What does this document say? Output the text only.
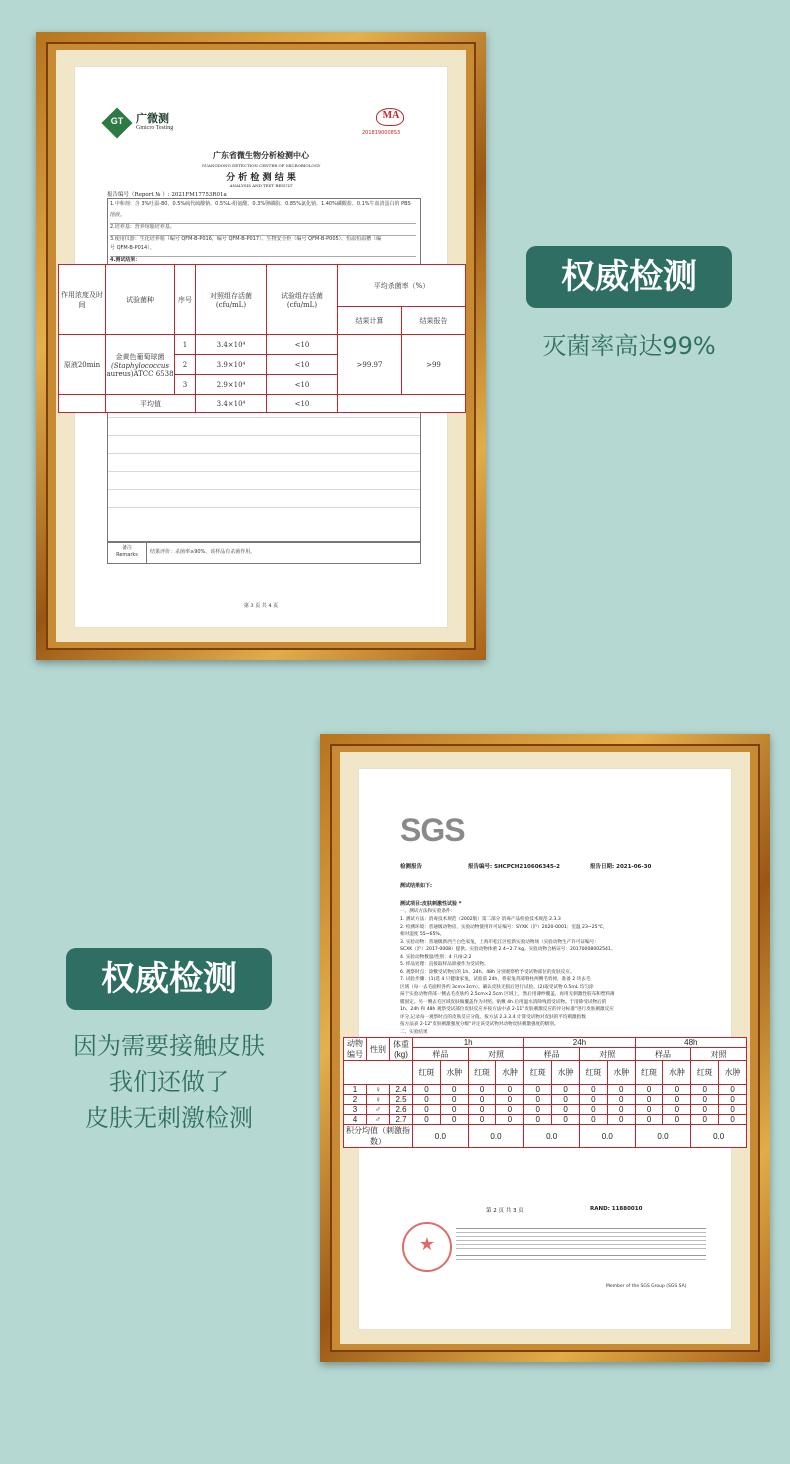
GT	广微测
Gmicro Testing
MA
2018190008S3
广东省微生物分析检测中心
GUANGDONG DETECTION CENTER OF MICROBIOLOGY
分 析 检 测 结 果
ANALYSIS AND TEST RESULT
报告编号（Report № ）: 2021FM17753R01a
1.中和剂：含 3%吐温-80、0.5%硫代硫酸钠、0.5%L-组氨酸、0.3%卵磷脂、0.85%氯化钠、1.40%磷酸盐、0.1%牛血清蛋白的 PBS
溶液。
2.培养基：营养琼脂培养基。
3.使用仪器：生化培养箱（编号 QFM-B-P016，编号 QFM-B-P017）、生物安全柜（编号 QFM-B-P005）、恒温恒温槽（编
号 QFM-B-P014）。
4.测试结果：
备注 Remarks	结果评价：杀菌率≥90%，该样品有杀菌作用。
第 3 页 共 4 页
作用浓度及时间	试验菌种	序号	对照组存活菌(cfu/mL)	试验组存活菌(cfu/mL)	平均杀菌率（%）	
					结果计算	结果报告
原液20min	金黄色葡萄球菌
(Staphylococcus
aureus)ATCC 6538	1	3.4×10⁴	<10	>99.97	>99
		2	3.9×10⁴	<10		
		3	2.9×10⁴	<10		
	平均值		3.4×10⁴	<10		
权威检测
灭菌率高达99%
SGS
检测报告	报告编号: SHCPCH210606345-2	报告日期: 2021-06-30
测试结果如下:
测试项目:皮肤刺激性试验 *
一、测试方法和实验条件：
1. 测试方法：消毒技术规范（2002版）第二部分 消毒产品检验技术规范 2.3.3
2. 检测环境：普通级动物房，实验动物使用许可证编号：SYXK（沪）2020-0001；室温 23~25℃，
相对湿度 55~65%。
3. 实验动物：普通级新西兰白色家兔，上海市松江区松新实验动物场（实验动物生产许可证编号：
SCXK（沪）2017-0008）提供。实验动物体重 2.4~2.7 kg。实验动物合格证号：20170008002541。
4. 实验动物数量/性别：4 只/♀:2:2
5. 样品处理：直接取样品原液作为受试物。
6. 观察时点：涂敷受试物后的 1h、24h、48h 分别观察给予受试物部位的皮肤反应。
7. 试验步骤：(1)选 4 只健康家兔，试验前 24h，将家兔背部脊柱两侧毛剪掉，准备 2 块去毛
区域（每一去毛面积各约 3cm×3cm）。确认皮肤无损后进行试验。(2)取受试物 0.5mL 均匀涂
抹于实验动物背部一侧去毛皮肤约 2.5cm×2.5cm 区域上，然后用薄纱覆盖，再用无刺激性胶布和塑料薄
膜固定。另一侧去毛区域皮肤做覆盖作为对照。贴敷 4h 后用温水清除残留受试物。于清除受试物后的
1h、24h 和 48h 观察受试部位皮肤反应并按方法中表 2-11"皮肤刺激反应的评分标准"进行皮肤刺激反应
评分,记录每一观察时点的皮肤反应分值。按方法 2.3.3.4 计算受试物对皮肤的平均刺激指数
按方法表 2-12"皮肤刺激强度分级"评定该受试物对动物皮肤刺激强度的级别。
二、实验结果
第 2 页 共 3 页	RAND: 11880010
★
Member of the SGS Group (SGS SA)
动物编号	性别	体重(kg)	1h				24h				48h			
			样品		对照		样品		对照		样品		对照	
			红斑	水肿	红斑	水肿	红斑	水肿	红斑	水肿	红斑	水肿	红斑	水肿
1	♀	2.4	0	0	0	0	0	0	0	0	0	0	0	0
2	♀	2.5	0	0	0	0	0	0	0	0	0	0	0	0
3	♂	2.6	0	0	0	0	0	0	0	0	0	0	0	0
4	♂	2.7	0	0	0	0	0	0	0	0	0	0	0	0
积分均值（刺激指数）			0.0		0.0		0.0		0.0		0.0		0.0	
权威检测
因为需要接触皮肤
我们还做了
皮肤无刺激检测
